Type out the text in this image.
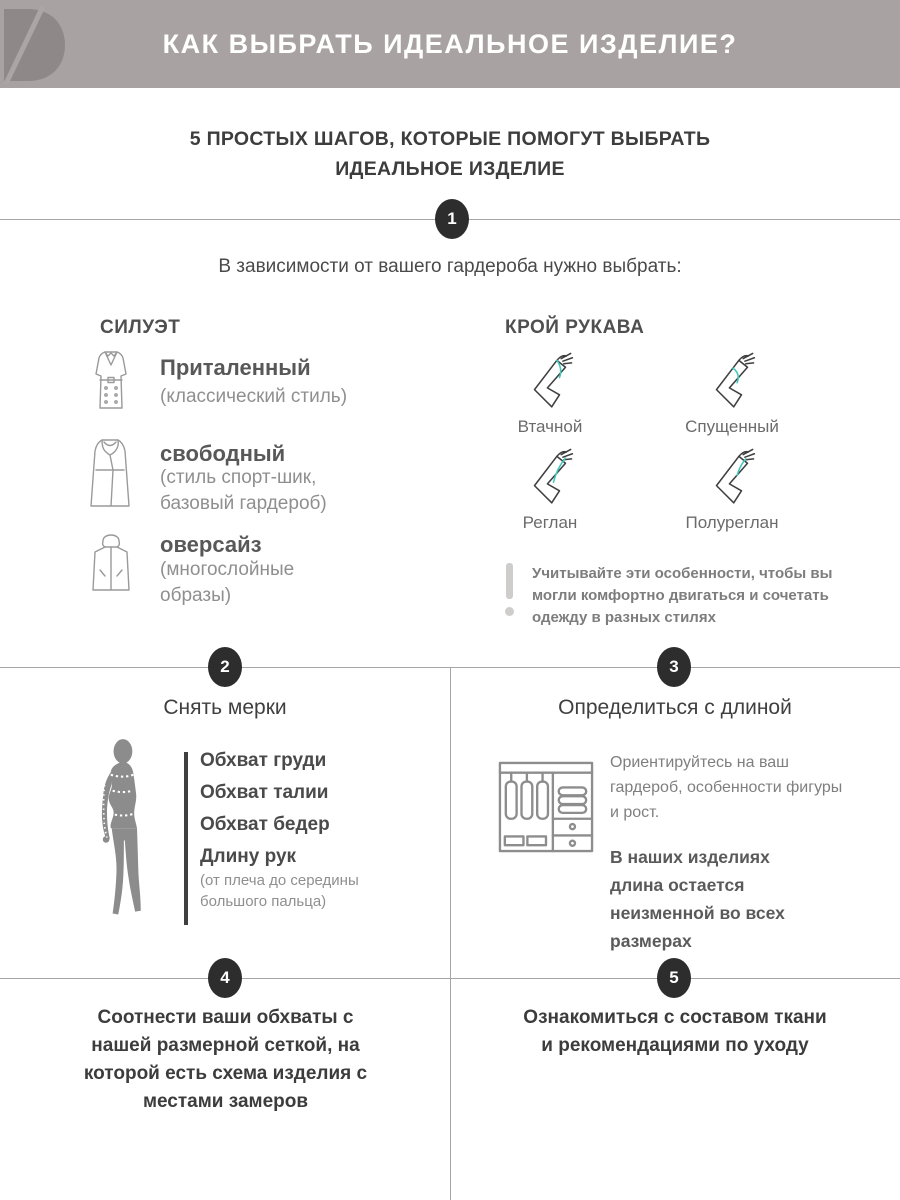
КАК ВЫБРАТЬ ИДЕАЛЬНОЕ ИЗДЕЛИЕ?
5 ПРОСТЫХ ШАГОВ, КОТОРЫЕ ПОМОГУТ ВЫБРАТЬ ИДЕАЛЬНОЕ ИЗДЕЛИЕ
1
В зависимости от вашего гардероба нужно выбрать:
СИЛУЭТ
Приталенный
(классический стиль)
свободный
(стиль спорт-шик, базовый гардероб)
оверсайз
(многослойные образы)
КРОЙ РУКАВА
Втачной	Спущенный
Реглан	Полуреглан
Учитывайте эти особенности, чтобы вы могли комфортно двигаться и сочетать одежду в разных стилях
2	3
Снять мерки
Обхват груди
Обхват талии
Обхват бедер
Длину рук
(от плеча до середины большого пальца)
Определиться с длиной
Ориентируйтесь на ваш гардероб, особенности фигуры и рост.
В наших изделиях длина остается неизменной во всех размерах
4	5
Соотнести ваши обхваты с нашей размерной сеткой, на которой есть схема изделия с местами замеров
Ознакомиться с составом ткани и рекомендациями по уходу
